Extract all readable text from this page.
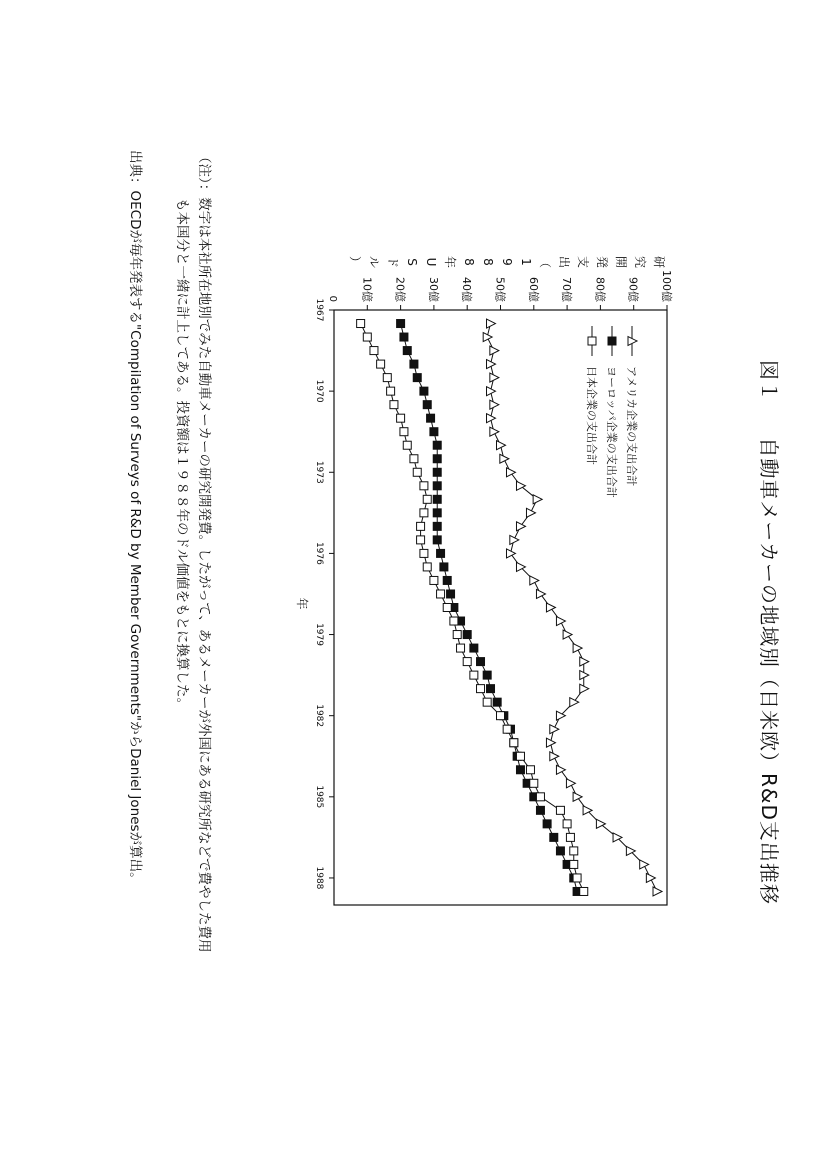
図１ 自動車メーカーの地域別（日米欧）R&D支出推移
10億 20億 30億 40億 50億 60億 70億 80億 90億 100億
0
1967
1970
1973
1976
1979
1982
1985
1988
研
究
開
発
支
出
（
1
9
8
8
年
U
S
ド
ル
）
年
アメリカ企業の支出合計
ヨーロッパ企業の支出合計
日本企業の支出合計
（注）：数字は本社所在地別でみた自動車メーカーの研究開発費。したがって、あるメーカーが外国にある研究所などで費やした費用
も本国分と一緒に計上してある。投資額は１９８８年のドル価値をもとに換算した。
出典：OECDが毎年発表する"Compilation of Surveys of R&D by Member Governments"からDaniel Jonesが算出。
